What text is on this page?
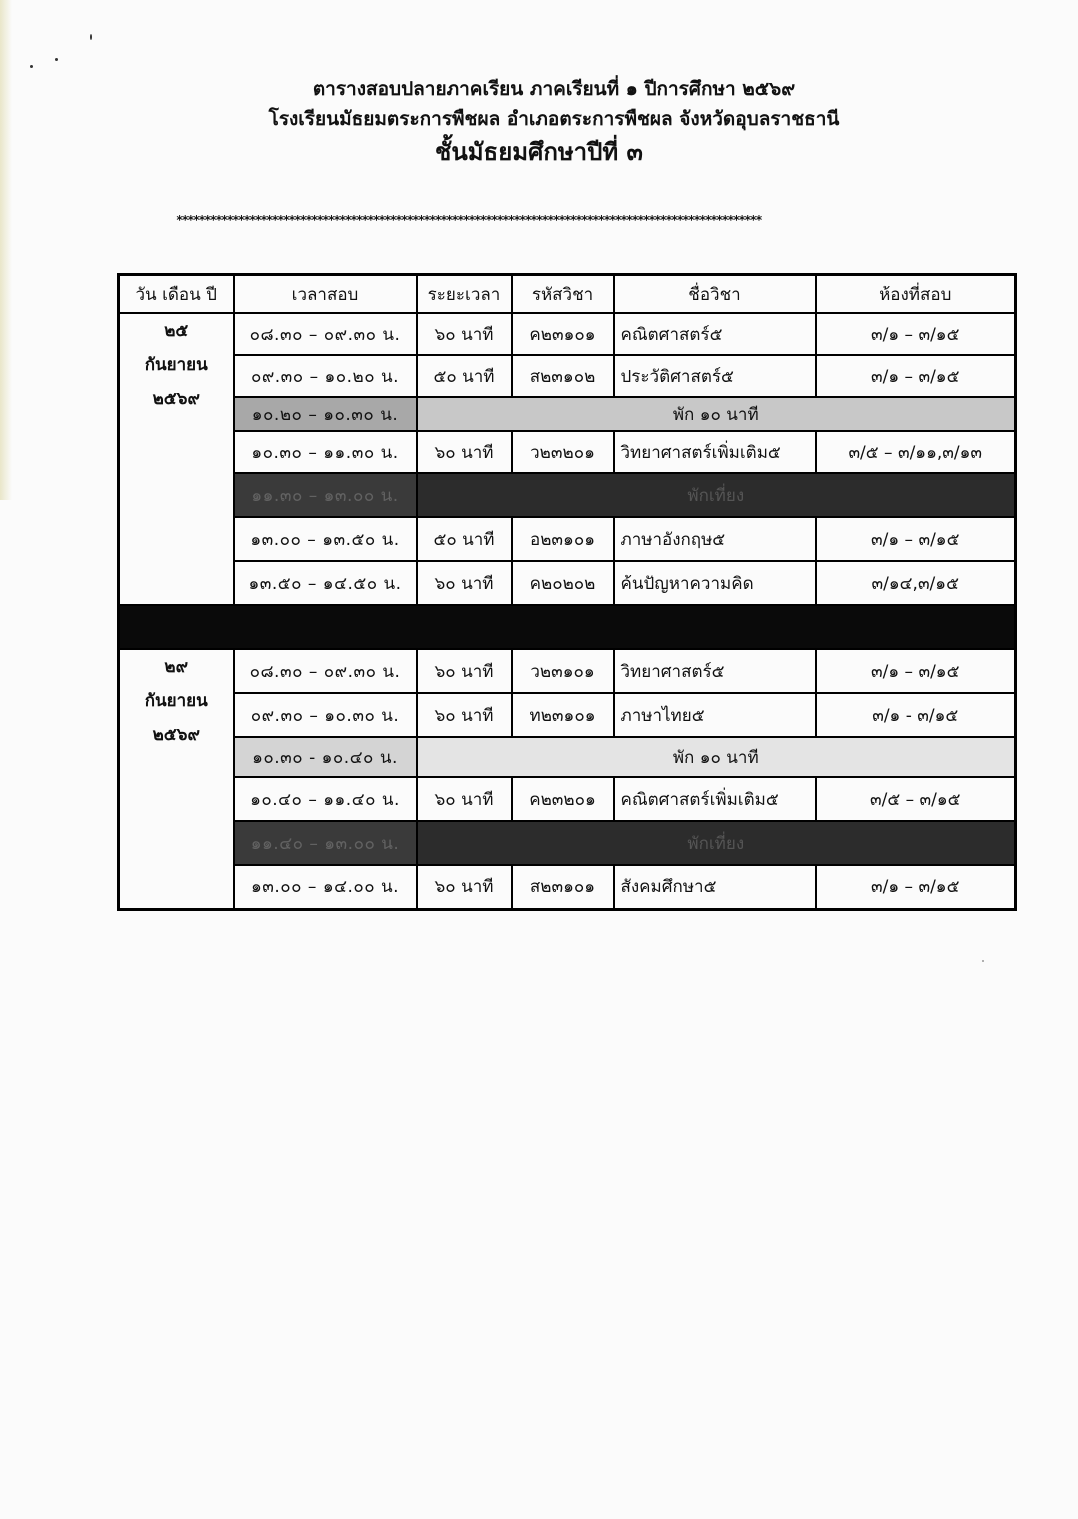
ตารางสอบปลายภาคเรียน ภาคเรียนที่ ๑ ปีการศึกษา ๒๕๖๙
โรงเรียนมัธยมตระการพืชผล อำเภอตระการพืชผล จังหวัดอุบลราชธานี
ชั้นมัธยมศึกษาปีที่ ๓
********************************************************************************************************
วัน เดือน ปี	เวลาสอบ	ระยะเวลา	รหัสวิชา	ชื่อวิชา	ห้องที่สอบ

๒๕
กันยายน
๒๕๖๙	๐๘.๓๐ – ๐๙.๓๐ น.	๖๐ นาที	ค๒๓๑๐๑	คณิตศาสตร์๕	๓/๑ – ๓/๑๕
	๐๙.๓๐ – ๑๐.๒๐ น.	๕๐ นาที	ส๒๓๑๐๒	ประวัติศาสตร์๕	๓/๑ – ๓/๑๕
	๑๐.๒๐ – ๑๐.๓๐ น.	พัก ๑๐ นาที			
	๑๐.๓๐ – ๑๑.๓๐ น.	๖๐ นาที	ว๒๓๒๐๑	วิทยาศาสตร์เพิ่มเติม๕	๓/๕ – ๓/๑๑,๓/๑๓
	๑๑.๓๐ – ๑๓.๐๐ น.	พักเที่ยง			
	๑๓.๐๐ – ๑๓.๕๐ น.	๕๐ นาที	อ๒๓๑๐๑	ภาษาอังกฤษ๕	๓/๑ – ๓/๑๕
	๑๓.๕๐ – ๑๔.๕๐ น.	๖๐ นาที	ค๒๐๒๐๒	ค้นปัญหาความคิด	๓/๑๔,๓/๑๕

๒๙
กันยายน
๒๕๖๙	๐๘.๓๐ – ๐๙.๓๐ น.	๖๐ นาที	ว๒๓๑๐๑	วิทยาศาสตร์๕	๓/๑ – ๓/๑๕
	๐๙.๓๐ – ๑๐.๓๐ น.	๖๐ นาที	ท๒๓๑๐๑	ภาษาไทย๕	๓/๑ - ๓/๑๕
	๑๐.๓๐ - ๑๐.๔๐ น.	พัก ๑๐ นาที			
	๑๐.๔๐ – ๑๑.๔๐ น.	๖๐ นาที	ค๒๓๒๐๑	คณิตศาสตร์เพิ่มเติม๕	๓/๕ – ๓/๑๕
	๑๑.๔๐ – ๑๓.๐๐ น.	พักเที่ยง			
	๑๓.๐๐ – ๑๔.๐๐ น.	๖๐ นาที	ส๒๓๑๐๑	สังคมศึกษา๕	๓/๑ – ๓/๑๕
